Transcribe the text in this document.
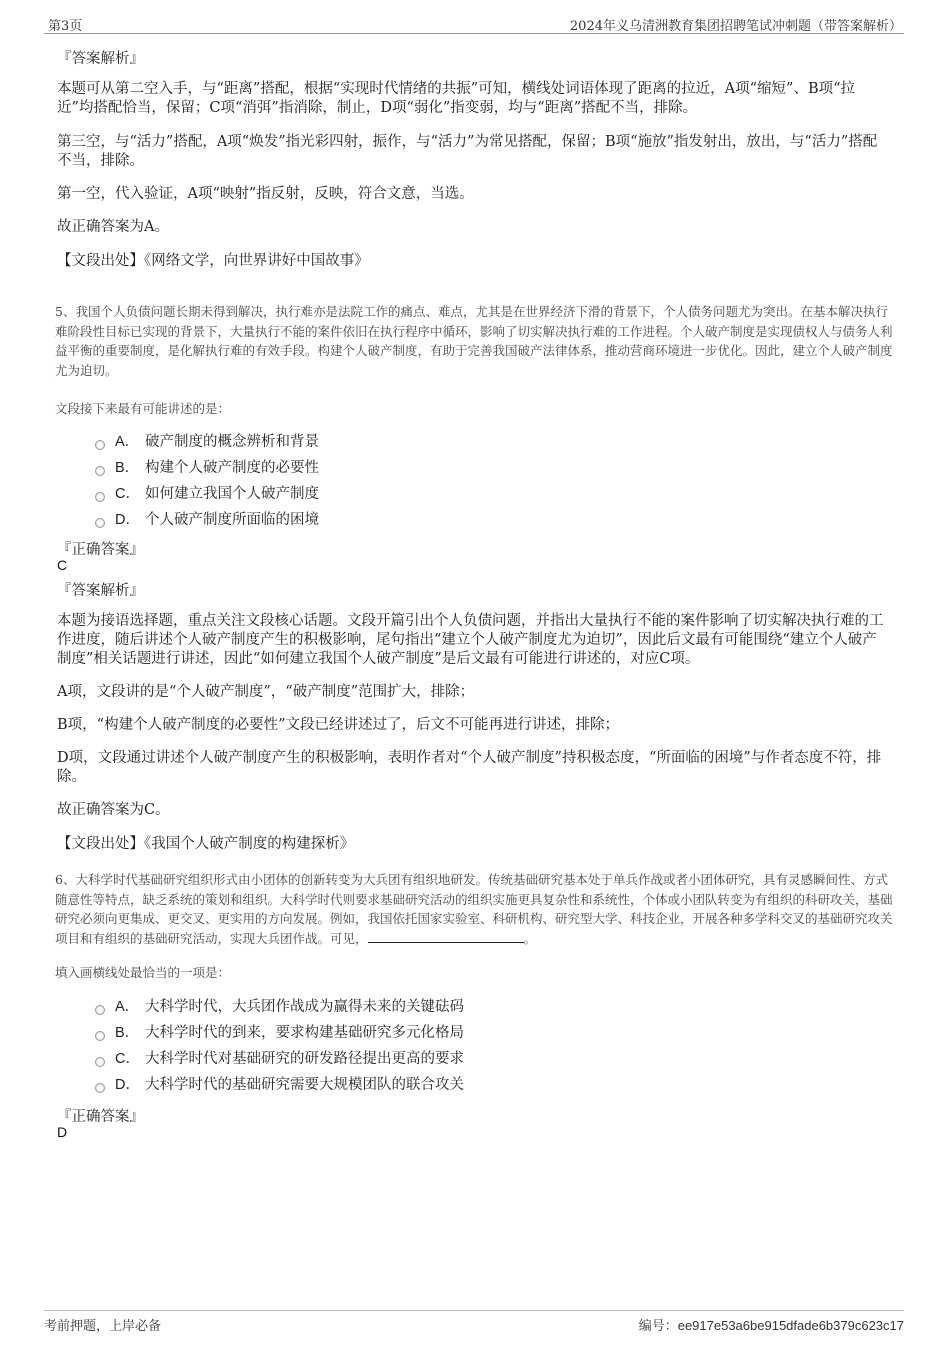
第3页	2024年义乌清洲教育集团招聘笔试冲刺题（带答案解析）
『答案解析』
本题可从第二空入手，与“距离”搭配，根据“实现时代情绪的共振”可知，横线处词语体现了距离的拉近，A项“缩短”、B项“拉近”均搭配恰当，保留；C项“消弭”指消除，制止，D项“弱化”指变弱，均与“距离”搭配不当，排除。
第三空，与“活力”搭配，A项“焕发”指光彩四射，振作，与“活力”为常见搭配，保留；B项“施放”指发射出，放出，与“活力”搭配不当，排除。
第一空，代入验证，A项“映射”指反射，反映，符合文意，当选。
故正确答案为A。
【文段出处】《网络文学，向世界讲好中国故事》
5、我国个人负债问题长期未得到解决，执行难亦是法院工作的痛点、难点，尤其是在世界经济下滑的背景下，个人债务问题尤为突出。在基本解决执行难阶段性目标已实现的背景下，大量执行不能的案件依旧在执行程序中循环，影响了切实解决执行难的工作进程。个人破产制度是实现债权人与债务人利益平衡的重要制度，是化解执行难的有效手段。构建个人破产制度，有助于完善我国破产法律体系，推动营商环境进一步优化。因此，建立个人破产制度尤为迫切。
文段接下来最有可能讲述的是：
A． 破产制度的概念辨析和背景
B． 构建个人破产制度的必要性
C． 如何建立我国个人破产制度
D． 个人破产制度所面临的困境
『正确答案』
C
『答案解析』
本题为接语选择题，重点关注文段核心话题。文段开篇引出个人负债问题，并指出大量执行不能的案件影响了切实解决执行难的工作进度，随后讲述个人破产制度产生的积极影响，尾句指出“建立个人破产制度尤为迫切”，因此后文最有可能围绕“建立个人破产制度”相关话题进行讲述，因此“如何建立我国个人破产制度”是后文最有可能进行讲述的，对应C项。
A项，文段讲的是“个人破产制度”，“破产制度”范围扩大，排除；
B项，“构建个人破产制度的必要性”文段已经讲述过了，后文不可能再进行讲述，排除；
D项，文段通过讲述个人破产制度产生的积极影响，表明作者对“个人破产制度”持积极态度，“所面临的困境”与作者态度不符，排除。
故正确答案为C。
【文段出处】《我国个人破产制度的构建探析》
6、大科学时代基础研究组织形式由小团体的创新转变为大兵团有组织地研发。传统基础研究基本处于单兵作战或者小团体研究，具有灵感瞬间性、方式随意性等特点，缺乏系统的策划和组织。大科学时代则要求基础研究活动的组织实施更具复杂性和系统性，个体或小团队转变为有组织的科研攻关，基础研究必须向更集成、更交叉、更实用的方向发展。例如，我国依托国家实验室、科研机构、研究型大学、科技企业，开展各种多学科交叉的基础研究攻关项目和有组织的基础研究活动，实现大兵团作战。可见，	。
填入画横线处最恰当的一项是：
A． 大科学时代，大兵团作战成为赢得未来的关键砝码
B． 大科学时代的到来，要求构建基础研究多元化格局
C． 大科学时代对基础研究的研发路径提出更高的要求
D． 大科学时代的基础研究需要大规模团队的联合攻关
『正确答案』
D
考前押题，上岸必备	编号：ee917e53a6be915dfade6b379c623c17
